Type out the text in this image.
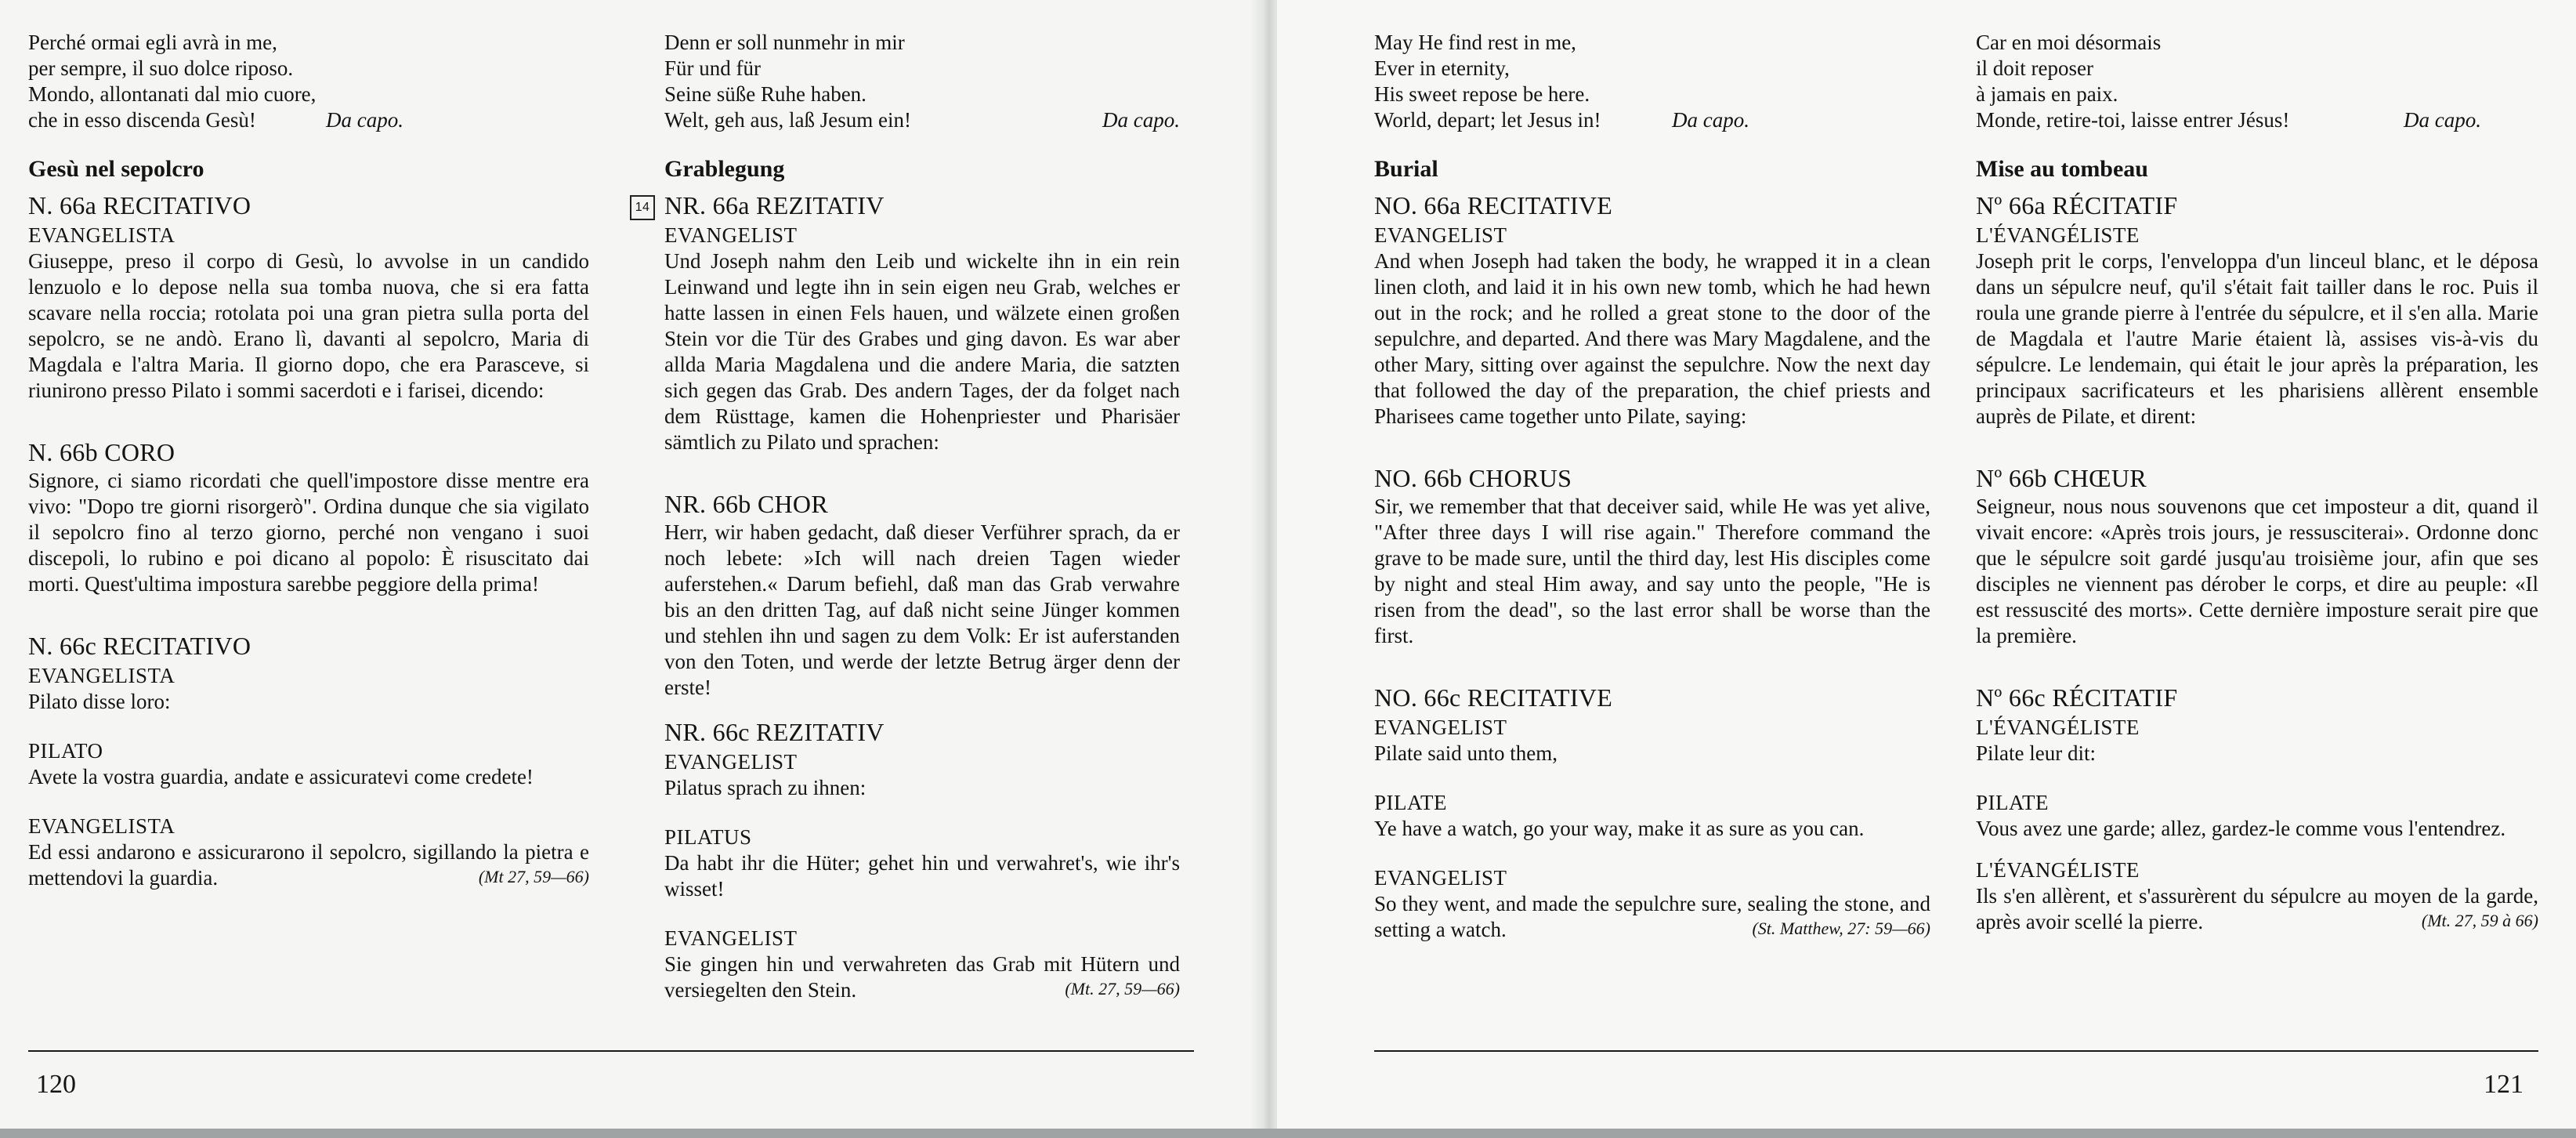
Perché ormai egli avrà in me,

per sempre, il suo dolce riposo.

Mondo, allontanati dal mio cuore,

che in esso discenda Gesù!	Da capo.

Gesù nel sepolcro
N. 66a RECITATIVO
EVANGELISTA

Giuseppe, preso il corpo di Gesù, lo avvolse in un candido lenzuolo e lo depose nella sua tomba nuova, che si era fatta scavare nella roccia; rotolata poi una gran pietra sulla porta del sepolcro, se ne andò. Erano lì, davanti al sepolcro, Maria di Magdala e l'altra Maria. Il giorno dopo, che era Parasceve, si riunirono presso Pilato i sommi sacerdoti e i farisei, dicendo:

N. 66b CORO

Signore, ci siamo ricordati che quell'impostore disse mentre era vivo: "Dopo tre giorni risorgerò". Ordina dunque che sia vigilato il sepolcro fino al terzo giorno, perché non vengano i suoi discepoli, lo rubino e poi dicano al popolo: È risuscitato dai morti. Quest'ultima impostura sarebbe peggiore della prima!

N. 66c RECITATIVO
EVANGELISTA

Pilato disse loro:

PILATO

Avete la vostra guardia, andate e assicuratevi come credete!

EVANGELISTA

Ed essi andarono e assicurarono il sepolcro, sigillando la pietra e mettendovi la guardia.	(Mt 27, 59—66)

Denn er soll nunmehr in mir

Für und für

Seine süße Ruhe haben.

Welt, geh aus, laß Jesum ein!	Da capo.

Grablegung
14 NR. 66a REZITATIV
EVANGELIST

Und Joseph nahm den Leib und wickelte ihn in ein rein Leinwand und legte ihn in sein eigen neu Grab, welches er hatte lassen in einen Fels hauen, und wälzete einen großen Stein vor die Tür des Grabes und ging davon. Es war aber allda Maria Magdalena und die andere Maria, die satzten sich gegen das Grab. Des andern Tages, der da folget nach dem Rüsttage, kamen die Hohenpriester und Pharisäer sämtlich zu Pilato und sprachen:

NR. 66b CHOR

Herr, wir haben gedacht, daß dieser Verführer sprach, da er noch lebete: »Ich will nach dreien Tagen wieder auferstehen.« Darum befiehl, daß man das Grab verwahre bis an den dritten Tag, auf daß nicht seine Jünger kommen und stehlen ihn und sagen zu dem Volk: Er ist auferstanden von den Toten, und werde der letzte Betrug ärger denn der erste!

NR. 66c REZITATIV
EVANGELIST

Pilatus sprach zu ihnen:

PILATUS

Da habt ihr die Hüter; gehet hin und verwahret's, wie ihr's wisset!

EVANGELIST

Sie gingen hin und verwahreten das Grab mit Hütern und versiegelten den Stein.	(Mt. 27, 59—66)
120

May He find rest in me,

Ever in eternity,

His sweet repose be here.

World, depart; let Jesus in!	Da capo.

Burial
NO. 66a RECITATIVE
EVANGELIST

And when Joseph had taken the body, he wrapped it in a clean linen cloth, and laid it in his own new tomb, which he had hewn out in the rock; and he rolled a great stone to the door of the sepulchre, and departed. And there was Mary Magdalene, and the other Mary, sitting over against the sepulchre. Now the next day that followed the day of the preparation, the chief priests and Pharisees came together unto Pilate, saying:

NO. 66b CHORUS

Sir, we remember that that deceiver said, while He was yet alive, "After three days I will rise again." Therefore command the grave to be made sure, until the third day, lest His disciples come by night and steal Him away, and say unto the people, "He is risen from the dead", so the last error shall be worse than the first.

NO. 66c RECITATIVE
EVANGELIST

Pilate said unto them,

PILATE

Ye have a watch, go your way, make it as sure as you can.

EVANGELIST

So they went, and made the sepulchre sure, sealing the stone, and setting a watch.	(St. Matthew, 27: 59—66)

Car en moi désormais

il doit reposer

à jamais en paix.

Monde, retire-toi, laisse entrer Jésus!	Da capo.

Mise au tombeau
Nº 66a RÉCITATIF
L'ÉVANGÉLISTE

Joseph prit le corps, l'enveloppa d'un linceul blanc, et le déposa dans un sépulcre neuf, qu'il s'était fait tailler dans le roc. Puis il roula une grande pierre à l'entrée du sépulcre, et il s'en alla. Marie de Magdala et l'autre Marie étaient là, assises vis-à-vis du sépulcre. Le lendemain, qui était le jour après la préparation, les principaux sacrificateurs et les pharisiens allèrent ensemble auprès de Pilate, et dirent:

Nº 66b CHŒUR

Seigneur, nous nous souvenons que cet imposteur a dit, quand il vivait encore: «Après trois jours, je ressusciterai». Ordonne donc que le sépulcre soit gardé jusqu'au troisième jour, afin que ses disciples ne viennent pas dérober le corps, et dire au peuple: «Il est ressuscité des morts». Cette dernière imposture serait pire que la première.

Nº 66c RÉCITATIF
L'ÉVANGÉLISTE

Pilate leur dit:

PILATE

Vous avez une garde; allez, gardez-le comme vous l'entendrez.

L'ÉVANGÉLISTE

Ils s'en allèrent, et s'assurèrent du sépulcre au moyen de la garde, après avoir scellé la pierre.	(Mt. 27, 59 à 66)
121
